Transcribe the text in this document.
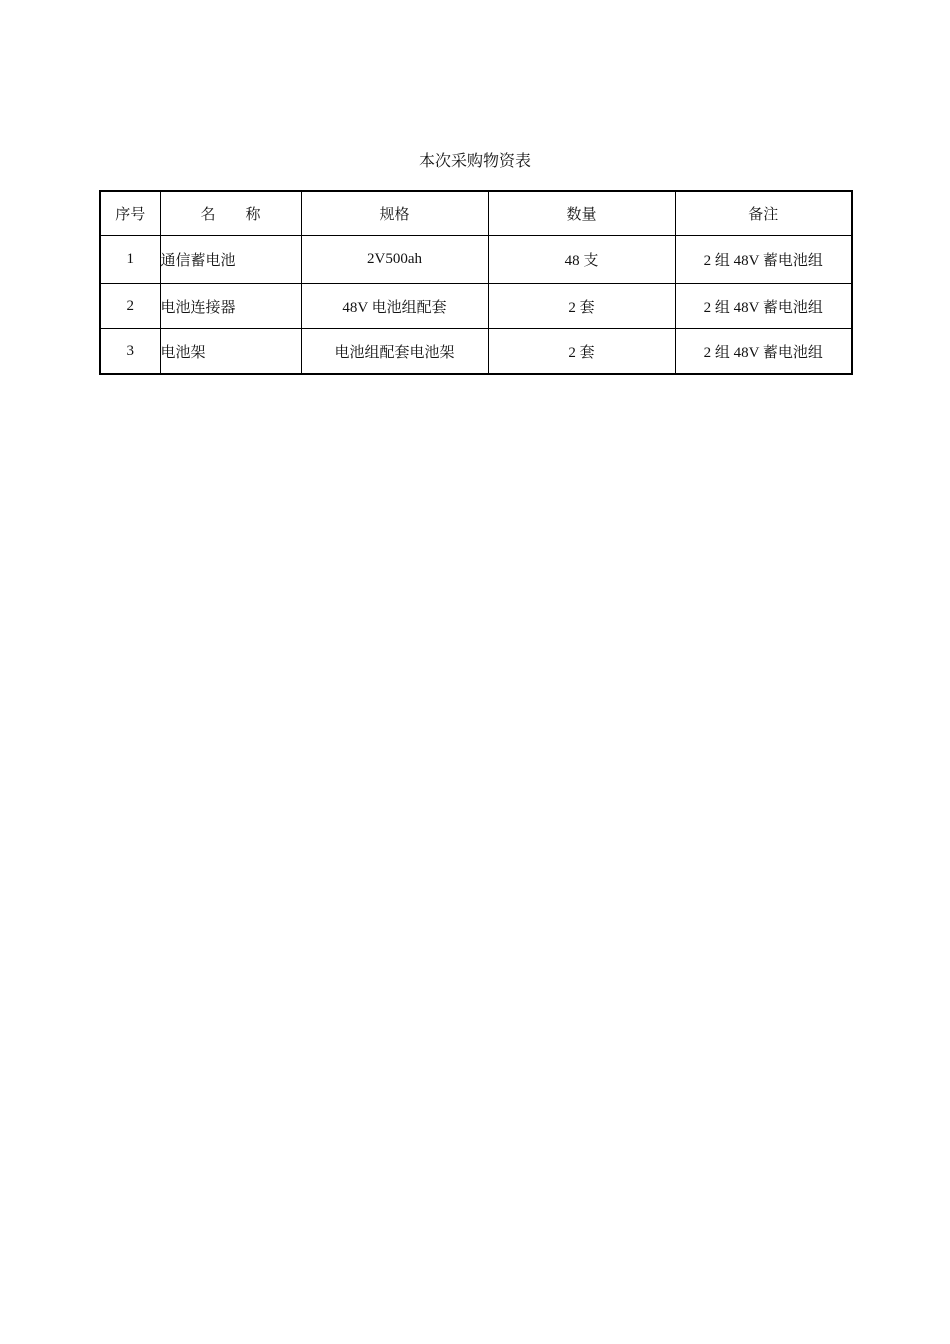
本次采购物资表
序号	名 称	规格	数量	备注
1	通信蓄电池	2V500ah	48 支	2 组 48V 蓄电池组
2	电池连接器	48V 电池组配套	2 套	2 组 48V 蓄电池组
3	电池架	电池组配套电池架	2 套	2 组 48V 蓄电池组
